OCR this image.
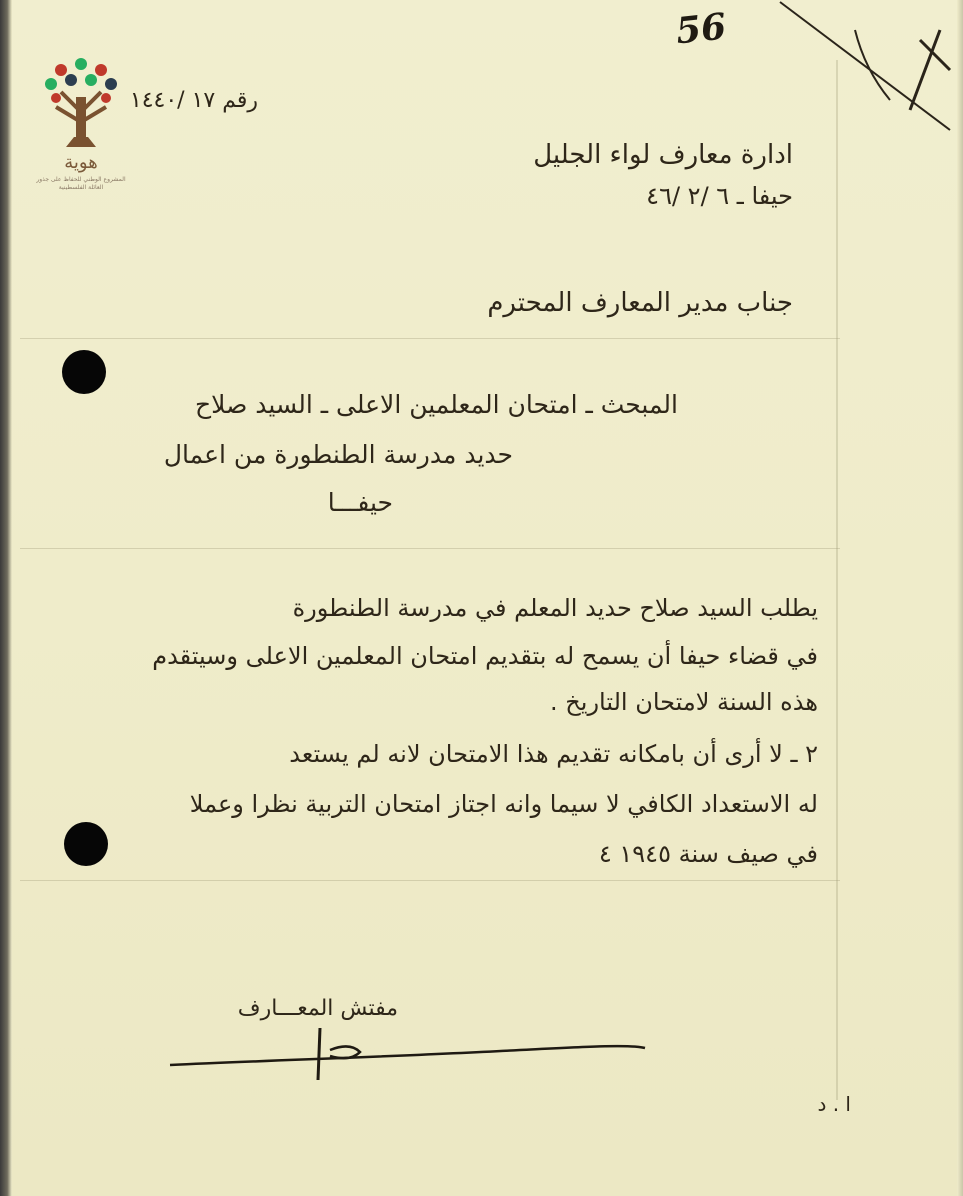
56
هوية
المشروع الوطني للحفاظ على جذور العائلة الفلسطينية
رقم ١٧ /١٤٤٠
ادارة معارف لواء الجليل
حيفا ـ ٦ /٢ /٤٦
جناب مدير المعارف المحترم
المبحث ـ امتحان المعلمين الاعلى ـ السيد صلاح
حديد مدرسة الطنطورة من اعمال
حيفـــا
يطلب السيد صلاح حديد المعلم في مدرسة الطنطورة
في قضاء حيفا أن يسمح له بتقديم امتحان المعلمين الاعلى وسيتقدم
هذه السنة لامتحان التاريخ .
٢ ـ لا أرى أن بامكانه تقديم هذا الامتحان لانه لم يستعد
له الاستعداد الكافي لا سيما وانه اجتاز امتحان التربية نظرا وعملا
في صيف سنة ١٩٤٥ ٤
مفتش المعـــارف
ا . د
